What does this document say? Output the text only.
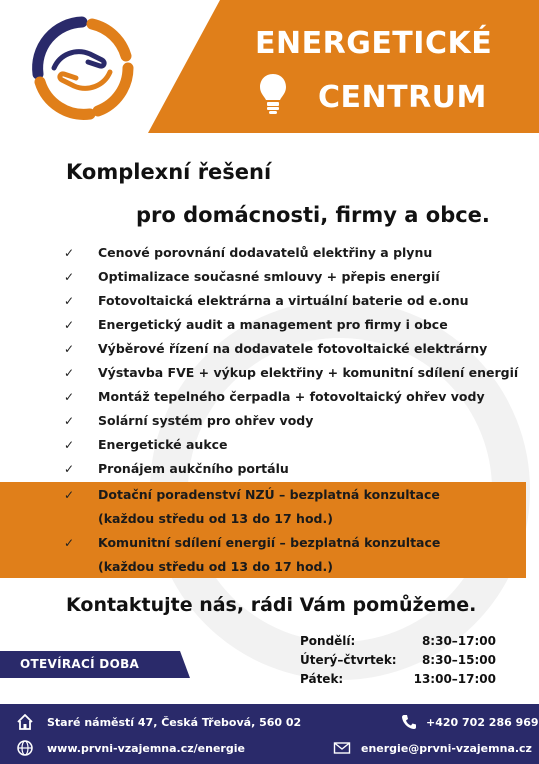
ENERGETICKÉ
CENTRUM
Komplexní řešení
pro domácnosti, firmy a obce.
✓ Cenové porovnání dodavatelů elektřiny a plynu
✓ Optimalizace současné smlouvy + přepis energií
✓ Fotovoltaická elektrárna a virtuální baterie od e.onu
✓ Energetický audit a management pro firmy i obce
✓ Výběrové řízení na dodavatele fotovoltaické elektrárny
✓ Výstavba FVE + výkup elektřiny + komunitní sdílení energií
✓ Montáž tepelného čerpadla + fotovoltaický ohřev vody
✓ Solární systém pro ohřev vody
✓ Energetické aukce
✓ Pronájem aukčního portálu
✓ Dotační poradenství NZÚ – bezplatná konzultace
(každou středu od 13 do 17 hod.)
✓ Komunitní sdílení energií – bezplatná konzultace
(každou středu od 13 do 17 hod.)
Kontaktujte nás, rádi Vám pomůžeme.
OTEVÍRACÍ DOBA
Pondělí:	8:30–17:00
Úterý–čtvrtek: 8:30–15:00
Pátek:	13:00–17:00
Staré náměstí 47, Česká Třebová, 560 02	+420 702 286 969
www.prvni-vzajemna.cz/energie	energie@prvni-vzajemna.cz
